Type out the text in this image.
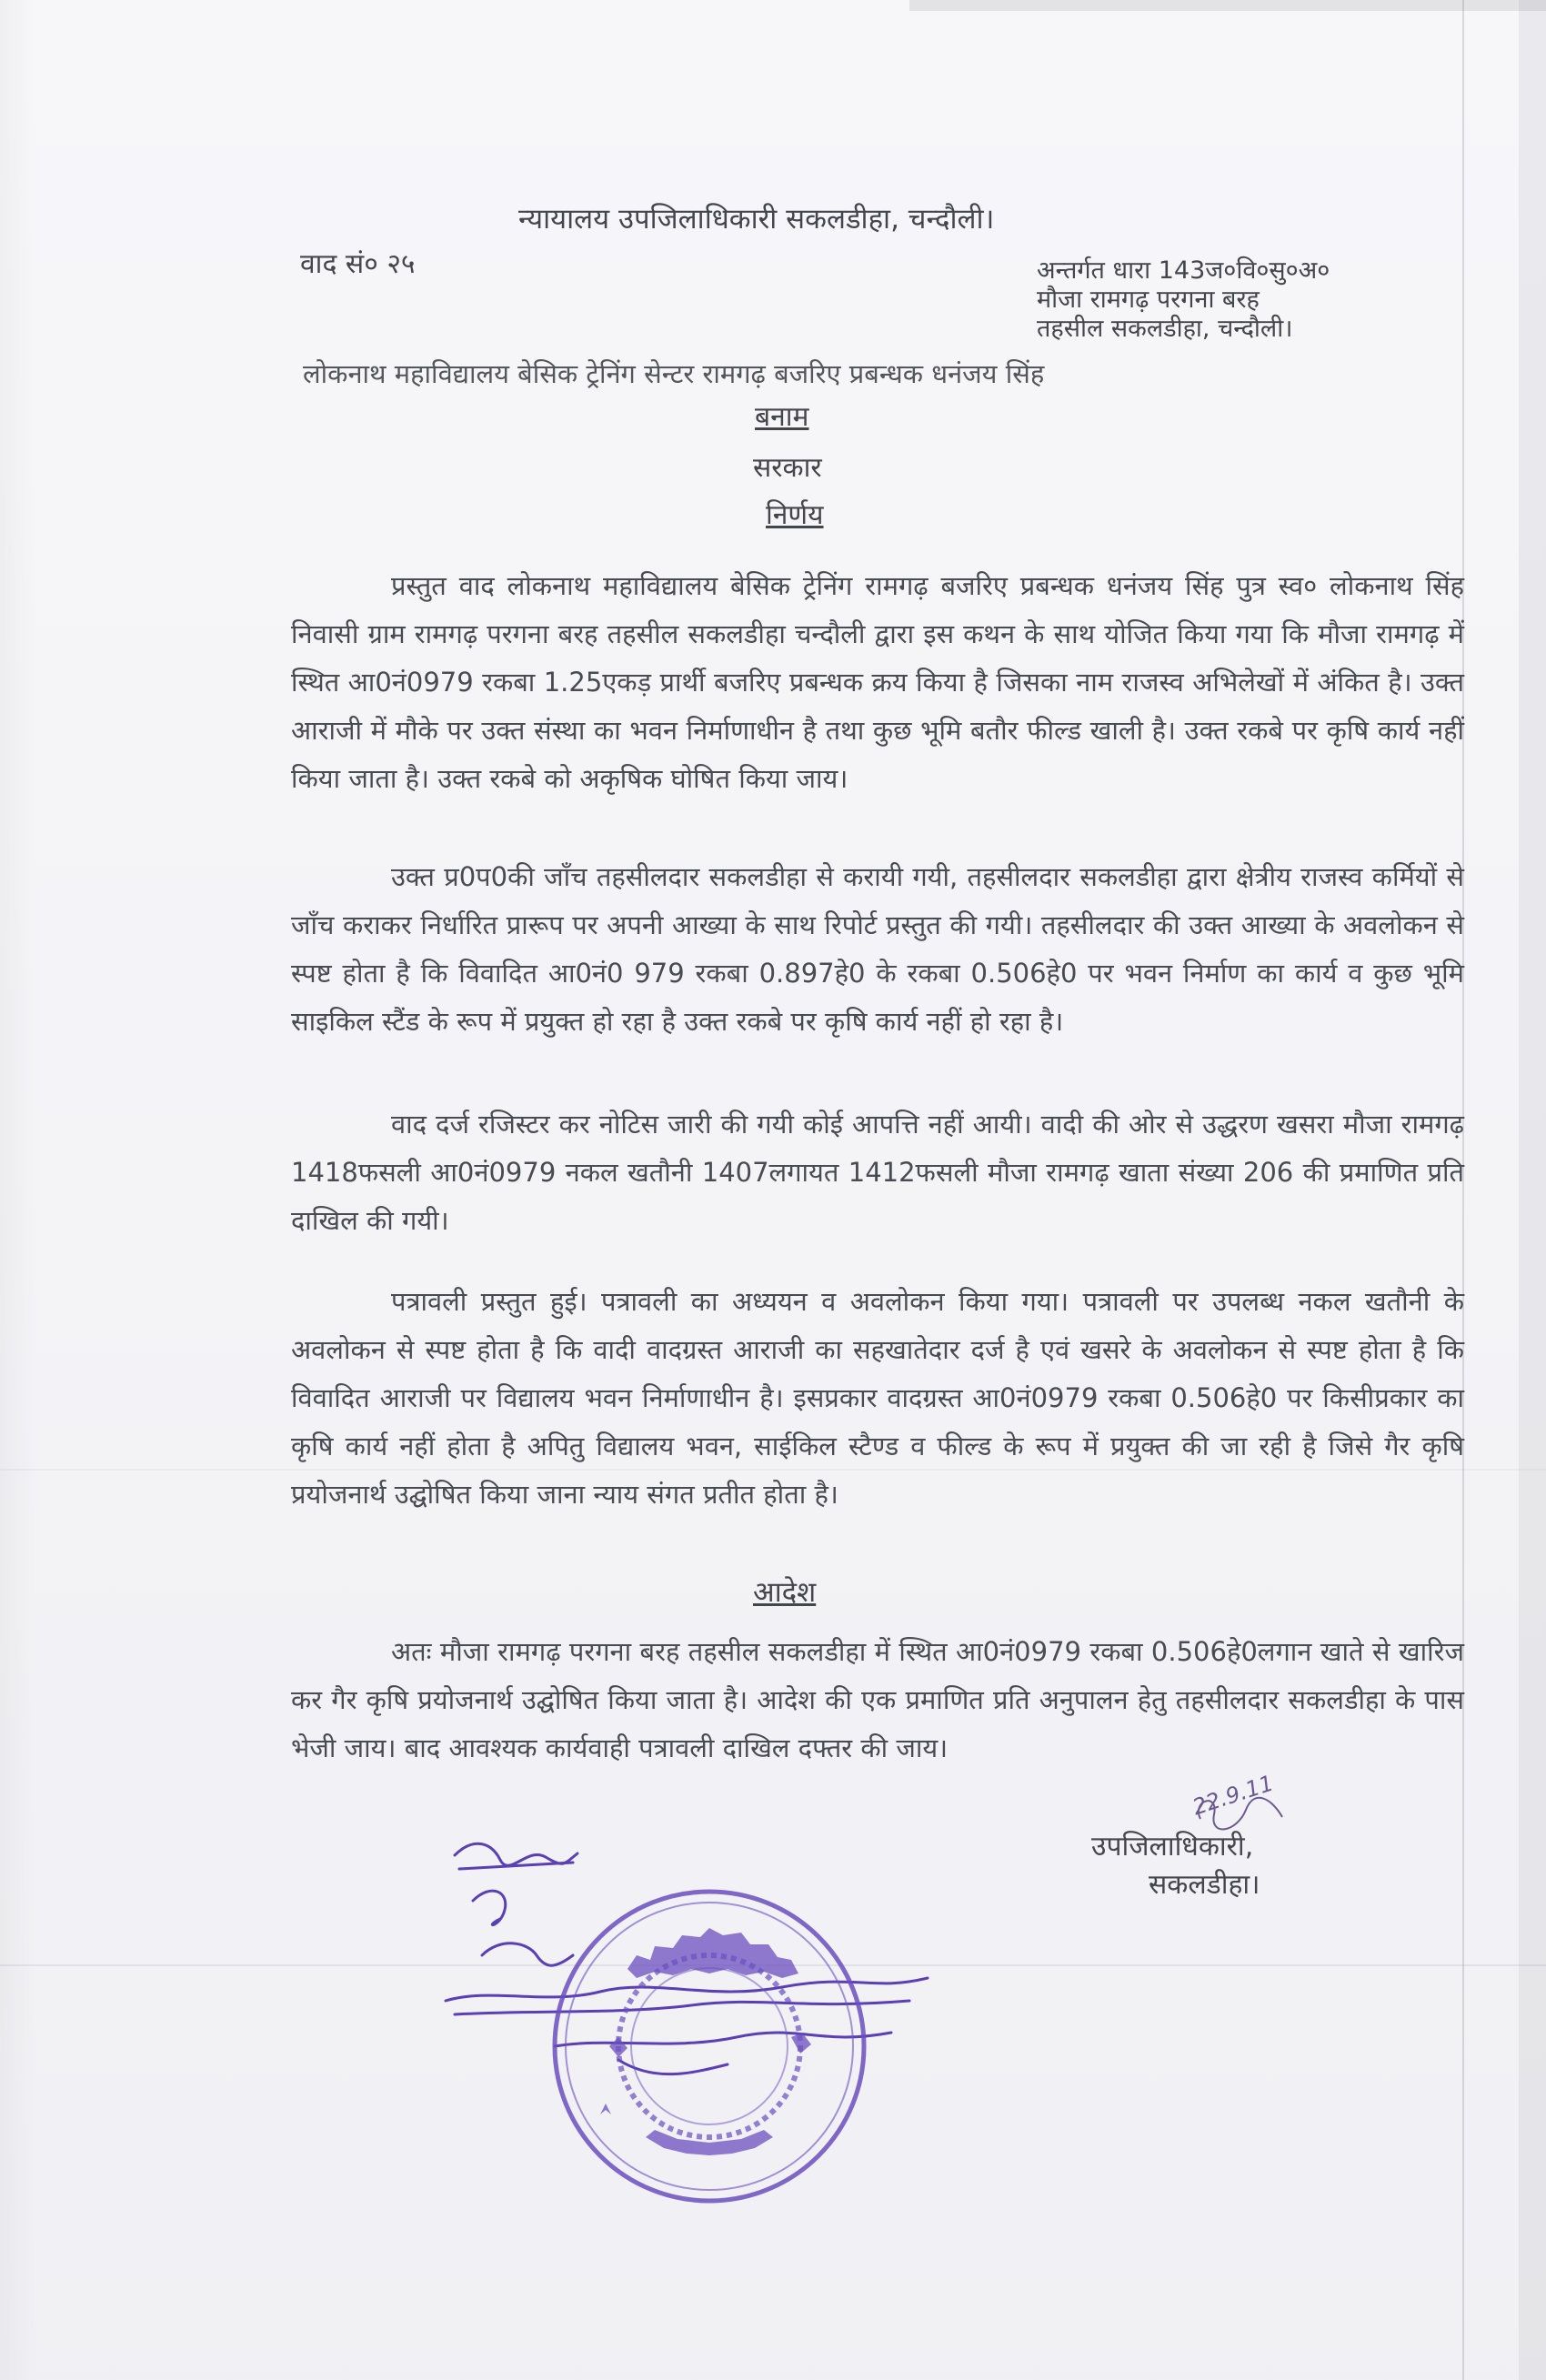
न्यायालय उपजिलाधिकारी सकलडीहा, चन्दौली।
वाद सं० २५	अन्तर्गत धारा 143ज०वि०सु०अ०
मौजा रामगढ़ परगना बरह
तहसील सकलडीहा, चन्दौली।
लोकनाथ महाविद्यालय बेसिक ट्रेनिंग सेन्टर रामगढ़ बजरिए प्रबन्धक धनंजय सिंह
बनाम
सरकार
निर्णय
प्रस्तुत वाद लोकनाथ महाविद्यालय बेसिक ट्रेनिंग रामगढ़ बजरिए प्रबन्धक धनंजय सिंह पुत्र स्व० लोकनाथ सिंह निवासी ग्राम रामगढ़ परगना बरह तहसील सकलडीहा चन्दौली द्वारा इस कथन के साथ योजित किया गया कि मौजा रामगढ़ में स्थित आ0नं0979 रकबा 1.25एकड़ प्रार्थी बजरिए प्रबन्धक क्रय किया है जिसका नाम राजस्व अभिलेखों में अंकित है। उक्त आराजी में मौके पर उक्त संस्था का भवन निर्माणाधीन है तथा कुछ भूमि बतौर फील्ड खाली है। उक्त रकबे पर कृषि कार्य नहीं किया जाता है। उक्त रकबे को अकृषिक घोषित किया जाय।
उक्त प्र0प0की जाँच तहसीलदार सकलडीहा से करायी गयी, तहसीलदार सकलडीहा द्वारा क्षेत्रीय राजस्व कर्मियों से जाँच कराकर निर्धारित प्रारूप पर अपनी आख्या के साथ रिपोर्ट प्रस्तुत की गयी। तहसीलदार की उक्त आख्या के अवलोकन से स्पष्ट होता है कि विवादित आ0नं0 979 रकबा 0.897हे0 के रकबा 0.506हे0 पर भवन निर्माण का कार्य व कुछ भूमि साइकिल स्टैंड के रूप में प्रयुक्त हो रहा है उक्त रकबे पर कृषि कार्य नहीं हो रहा है।
वाद दर्ज रजिस्टर कर नोटिस जारी की गयी कोई आपत्ति नहीं आयी। वादी की ओर से उद्धरण खसरा मौजा रामगढ़ 1418फसली आ0नं0979 नकल खतौनी 1407लगायत 1412फसली मौजा रामगढ़ खाता संख्या 206 की प्रमाणित प्रति दाखिल की गयी।
पत्रावली प्रस्तुत हुई। पत्रावली का अध्ययन व अवलोकन किया गया। पत्रावली पर उपलब्ध नकल खतौनी के अवलोकन से स्पष्ट होता है कि वादी वादग्रस्त आराजी का सहखातेदार दर्ज है एवं खसरे के अवलोकन से स्पष्ट होता है कि विवादित आराजी पर विद्यालय भवन निर्माणाधीन है। इसप्रकार वादग्रस्त आ0नं0979 रकबा 0.506हे0 पर किसीप्रकार का कृषि कार्य नहीं होता है अपितु विद्यालय भवन, साईकिल स्टैण्ड व फील्ड के रूप में प्रयुक्त की जा रही है जिसे गैर कृषि प्रयोजनार्थ उद्घोषित किया जाना न्याय संगत प्रतीत होता है।
आदेश
अतः मौजा रामगढ़ परगना बरह तहसील सकलडीहा में स्थित आ0नं0979 रकबा 0.506हे0लगान खाते से खारिज कर गैर कृषि प्रयोजनार्थ उद्घोषित किया जाता है। आदेश की एक प्रमाणित प्रति अनुपालन हेतु तहसीलदार सकलडीहा के पास भेजी जाय। बाद आवश्यक कार्यवाही पत्रावली दाखिल दफ्तर की जाय।
22.9.11
उपजिलाधिकारी,
सकलडीहा।
